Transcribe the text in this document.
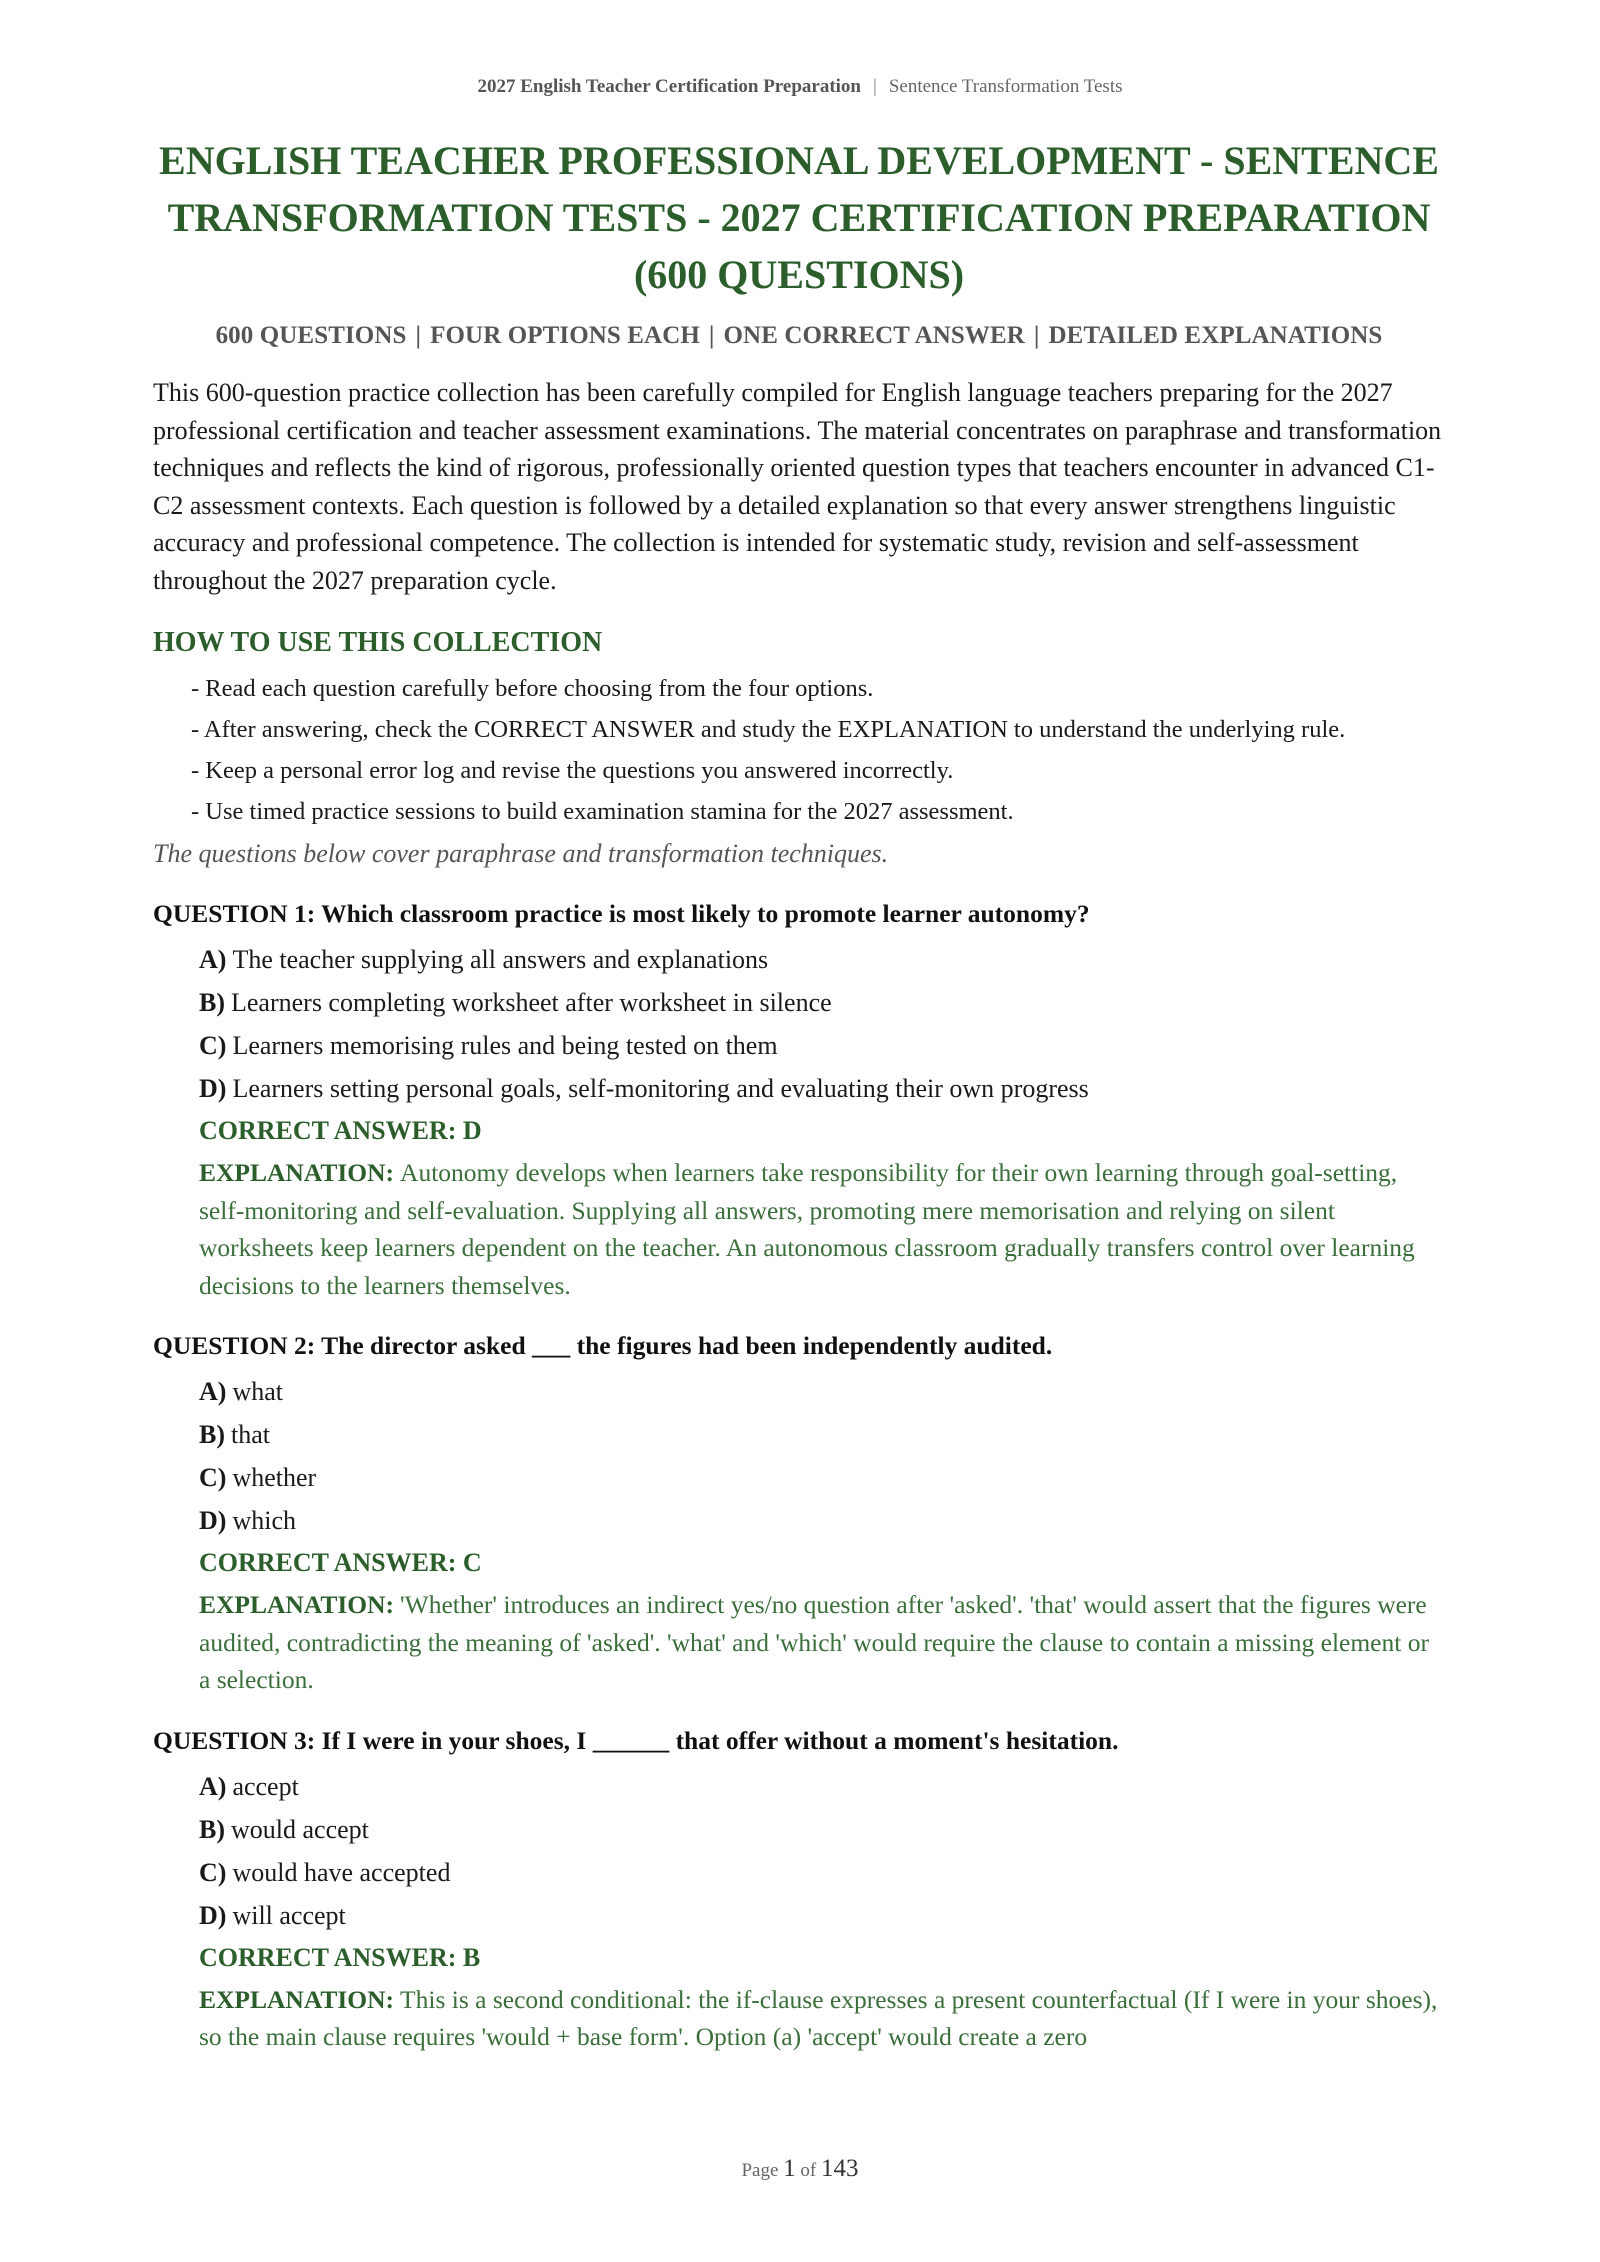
2027 English Teacher Certification Preparation | Sentence Transformation Tests
ENGLISH TEACHER PROFESSIONAL DEVELOPMENT - SENTENCE TRANSFORMATION TESTS - 2027 CERTIFICATION PREPARATION (600 QUESTIONS)
600 QUESTIONS | FOUR OPTIONS EACH | ONE CORRECT ANSWER | DETAILED EXPLANATIONS

This 600-question practice collection has been carefully compiled for English language teachers preparing for the 2027 professional certification and teacher assessment examinations. The material concentrates on paraphrase and transformation techniques and reflects the kind of rigorous, professionally oriented question types that teachers encounter in advanced C1-C2 assessment contexts. Each question is followed by a detailed explanation so that every answer strengthens linguistic accuracy and professional competence. The collection is intended for systematic study, revision and self-assessment throughout the 2027 preparation cycle.

HOW TO USE THIS COLLECTION
- Read each question carefully before choosing from the four options.
- After answering, check the CORRECT ANSWER and study the EXPLANATION to understand the underlying rule.
- Keep a personal error log and revise the questions you answered incorrectly.
- Use timed practice sessions to build examination stamina for the 2027 assessment.
The questions below cover paraphrase and transformation techniques.
QUESTION 1: Which classroom practice is most likely to promote learner autonomy?
A) The teacher supplying all answers and explanations
B) Learners completing worksheet after worksheet in silence
C) Learners memorising rules and being tested on them
D) Learners setting personal goals, self-monitoring and evaluating their own progress
CORRECT ANSWER: D
EXPLANATION: Autonomy develops when learners take responsibility for their own learning through goal-setting, self-monitoring and self-evaluation. Supplying all answers, promoting mere memorisation and relying on silent worksheets keep learners dependent on the teacher. An autonomous classroom gradually transfers control over learning decisions to the learners themselves.
QUESTION 2: The director asked ___ the figures had been independently audited.
A) what
B) that
C) whether
D) which
CORRECT ANSWER: C
EXPLANATION: 'Whether' introduces an indirect yes/no question after 'asked'. 'that' would assert that the figures were audited, contradicting the meaning of 'asked'. 'what' and 'which' would require the clause to contain a missing element or a selection.
QUESTION 3: If I were in your shoes, I ______ that offer without a moment's hesitation.
A) accept
B) would accept
C) would have accepted
D) will accept
CORRECT ANSWER: B
EXPLANATION: This is a second conditional: the if-clause expresses a present counterfactual (If I were in your shoes), so the main clause requires 'would + base form'. Option (a) 'accept' would create a zero
Page 1 of 143
